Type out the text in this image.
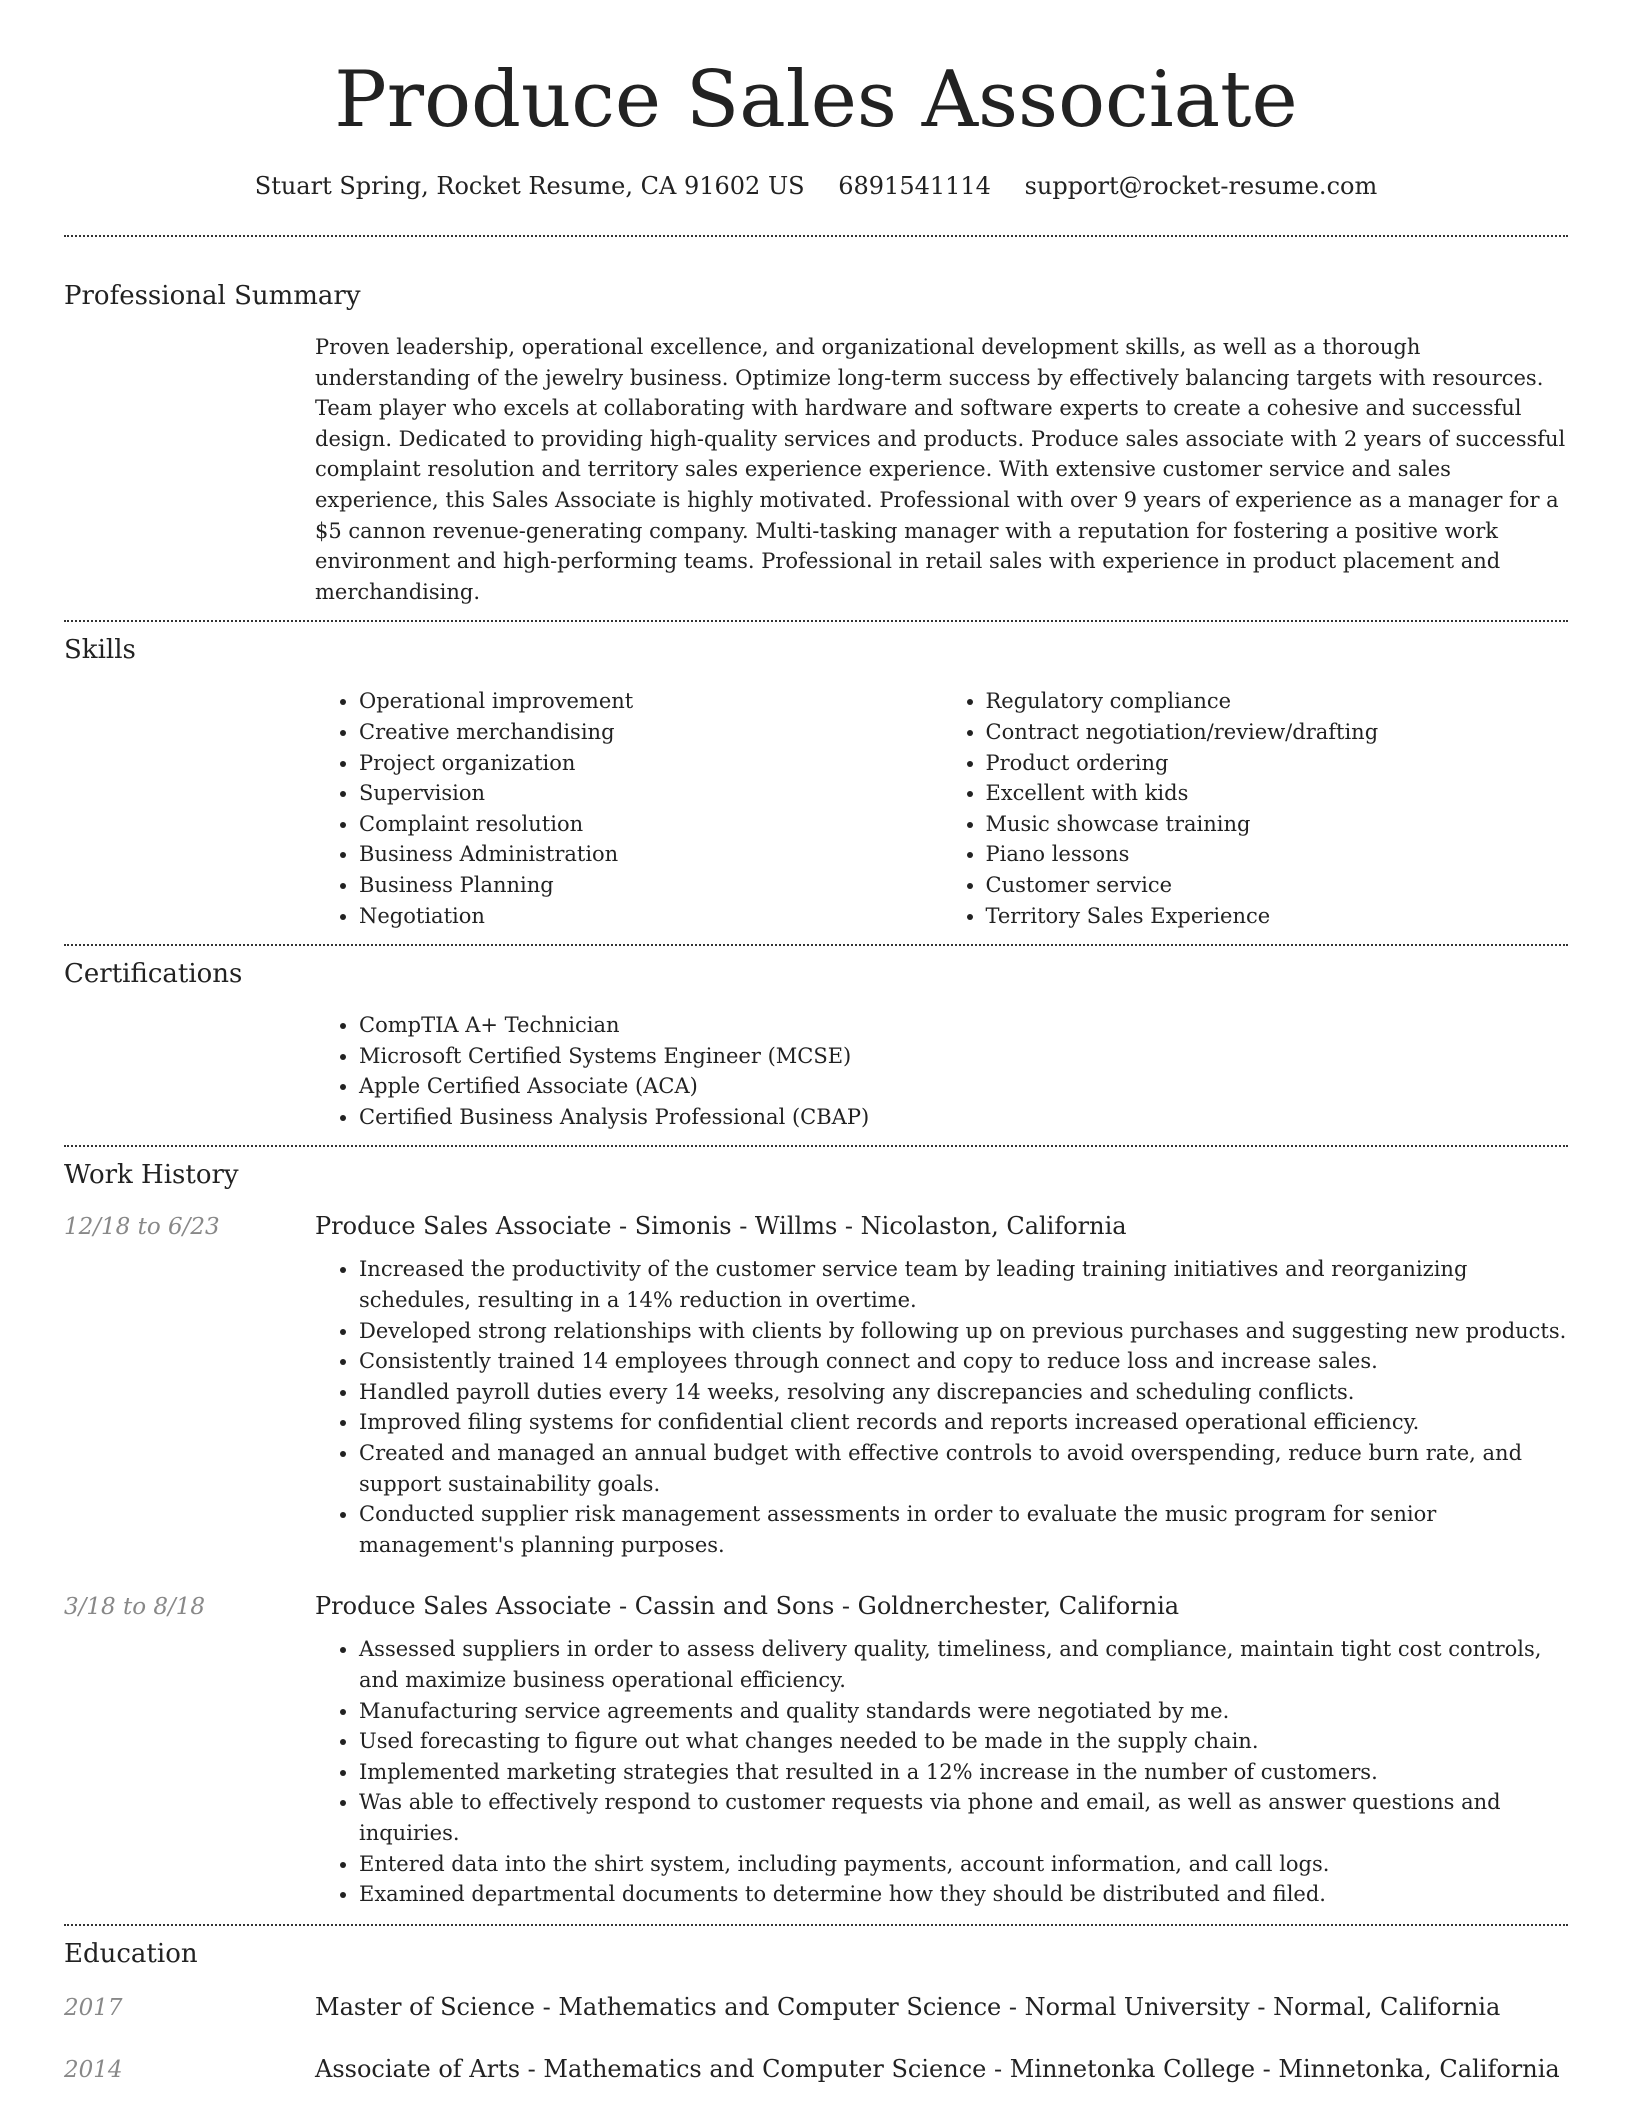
Produce Sales Associate
Stuart Spring, Rocket Resume, CA 91602 US 6891541114 support@rocket-resume.com
Professional Summary
Proven leadership, operational excellence, and organizational development skills, as well as a thorough understanding of the jewelry business. Optimize long-term success by effectively balancing targets with resources. Team player who excels at collaborating with hardware and software experts to create a cohesive and successful design. Dedicated to providing high-quality services and products. Produce sales associate with 2 years of successful complaint resolution and territory sales experience experience. With extensive customer service and sales experience, this Sales Associate is highly motivated. Professional with over 9 years of experience as a manager for a $5 cannon revenue-generating company. Multi-tasking manager with a reputation for fostering a positive work environment and high-performing teams. Professional in retail sales with experience in product placement and merchandising.
Skills
• Operational improvement
• Creative merchandising
• Project organization
• Supervision
• Complaint resolution
• Business Administration
• Business Planning
• Negotiation
• Regulatory compliance
• Contract negotiation/review/drafting
• Product ordering
• Excellent with kids
• Music showcase training
• Piano lessons
• Customer service
• Territory Sales Experience
Certifications
• CompTIA A+ Technician
• Microsoft Certified Systems Engineer (MCSE)
• Apple Certified Associate (ACA)
• Certified Business Analysis Professional (CBAP)
Work History
12/18 to 6/23	Produce Sales Associate - Simonis - Willms - Nicolaston, California
• Increased the productivity of the customer service team by leading training initiatives and reorganizing schedules, resulting in a 14% reduction in overtime.
• Developed strong relationships with clients by following up on previous purchases and suggesting new products.
• Consistently trained 14 employees through connect and copy to reduce loss and increase sales.
• Handled payroll duties every 14 weeks, resolving any discrepancies and scheduling conflicts.
• Improved filing systems for confidential client records and reports increased operational efficiency.
• Created and managed an annual budget with effective controls to avoid overspending, reduce burn rate, and support sustainability goals.
• Conducted supplier risk management assessments in order to evaluate the music program for senior management's planning purposes.
3/18 to 8/18	Produce Sales Associate - Cassin and Sons - Goldnerchester, California
• Assessed suppliers in order to assess delivery quality, timeliness, and compliance, maintain tight cost controls, and maximize business operational efficiency.
• Manufacturing service agreements and quality standards were negotiated by me.
• Used forecasting to figure out what changes needed to be made in the supply chain.
• Implemented marketing strategies that resulted in a 12% increase in the number of customers.
• Was able to effectively respond to customer requests via phone and email, as well as answer questions and inquiries.
• Entered data into the shirt system, including payments, account information, and call logs.
• Examined departmental documents to determine how they should be distributed and filed.
Education
2017	Master of Science - Mathematics and Computer Science - Normal University - Normal, California
2014	Associate of Arts - Mathematics and Computer Science - Minnetonka College - Minnetonka, California
